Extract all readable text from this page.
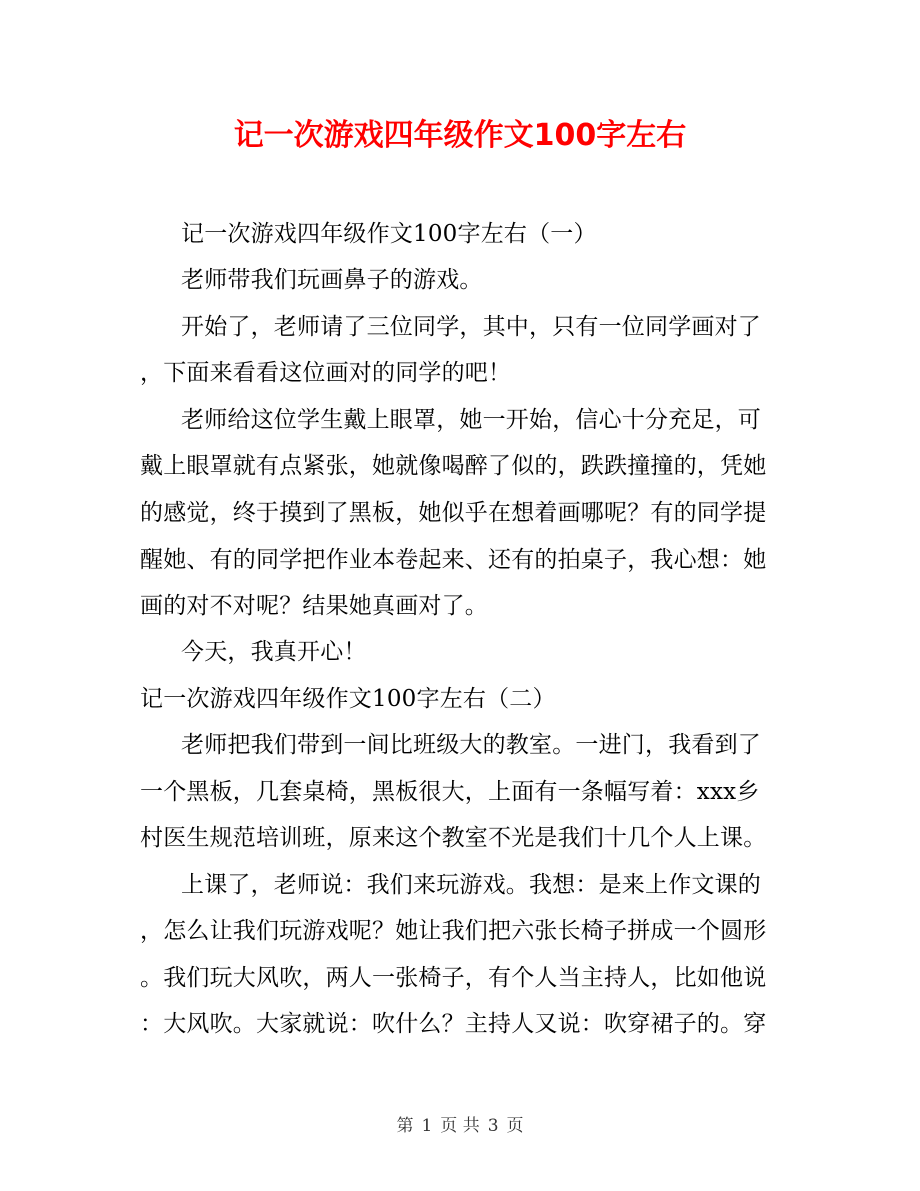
记一次游戏四年级作文100字左右
记一次游戏四年级作文100字左右（一）
老师带我们玩画鼻子的游戏。
开始了，老师请了三位同学，其中，只有一位同学画对了
，下面来看看这位画对的同学的吧！
老师给这位学生戴上眼罩，她一开始，信心十分充足，可
戴上眼罩就有点紧张，她就像喝醉了似的，跌跌撞撞的，凭她
的感觉，终于摸到了黑板，她似乎在想着画哪呢？有的同学提
醒她、有的同学把作业本卷起来、还有的拍桌子，我心想：她
画的对不对呢？结果她真画对了。
今天，我真开心！
记一次游戏四年级作文100字左右（二）
老师把我们带到一间比班级大的教室。一进门，我看到了
一个黑板，几套桌椅，黑板很大，上面有一条幅写着：xxx乡
村医生规范培训班，原来这个教室不光是我们十几个人上课。
上课了，老师说：我们来玩游戏。我想：是来上作文课的
，怎么让我们玩游戏呢？她让我们把六张长椅子拼成一个圆形
。我们玩大风吹，两人一张椅子，有个人当主持人，比如他说
：大风吹。大家就说：吹什么？主持人又说：吹穿裙子的。穿
第 1 页 共 3 页
